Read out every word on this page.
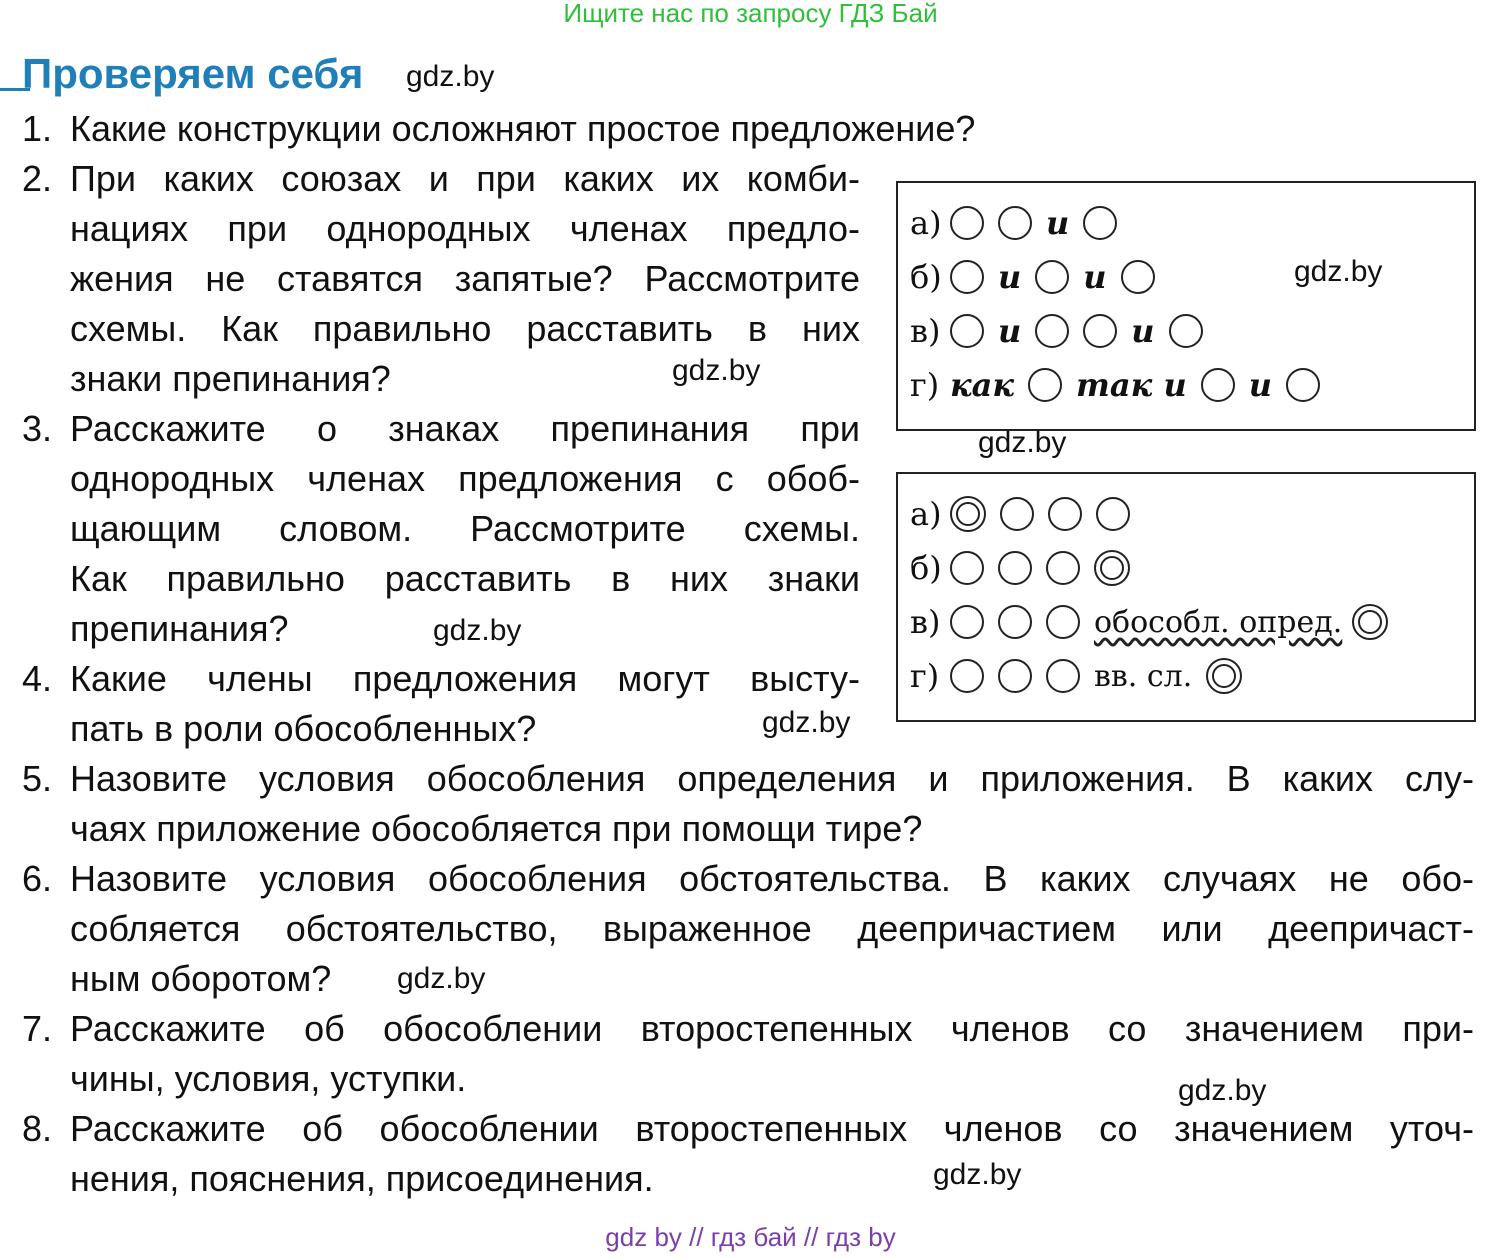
Ищите нас по запросу ГДЗ Бай
Проверяем себя gdz.by
1. Какие конструкции осложняют простое предложение?
2. При каких союзах и при каких их комби-
нациях при однородных членах предло-
жения не ставятся запятые? Рассмотрите
схемы. Как правильно расставить в них
знаки препинания?
3. Расскажите о знаках препинания при
однородных членах предложения с обоб-
щающим словом. Рассмотрите схемы.
Как правильно расставить в них знаки
препинания?
4. Какие члены предложения могут высту-
пать в роли обособленных?
5. Назовите условия обособления определения и приложения. В каких слу-
чаях приложение обособляется при помощи тире?
6. Назовите условия обособления обстоятельства. В каких случаях не обо-
собляется обстоятельство, выраженное деепричастием или деепричаст-
ным оборотом?
7. Расскажите об обособлении второстепенных членов со значением при-
чины, условия, уступки.
8. Расскажите об обособлении второстепенных членов со значением уточ-
нения, пояснения, присоединения.
а)	и
б) и и
в) и	и
г) как так и и
gdz.by
gdz.by
а)
б)
в)	обособл. опред.
г)	вв. сл.
gdz.by
gdz.by
gdz.by
gdz.by
gdz.by
gdz.by
gdz by // гдз бай // гдз by
